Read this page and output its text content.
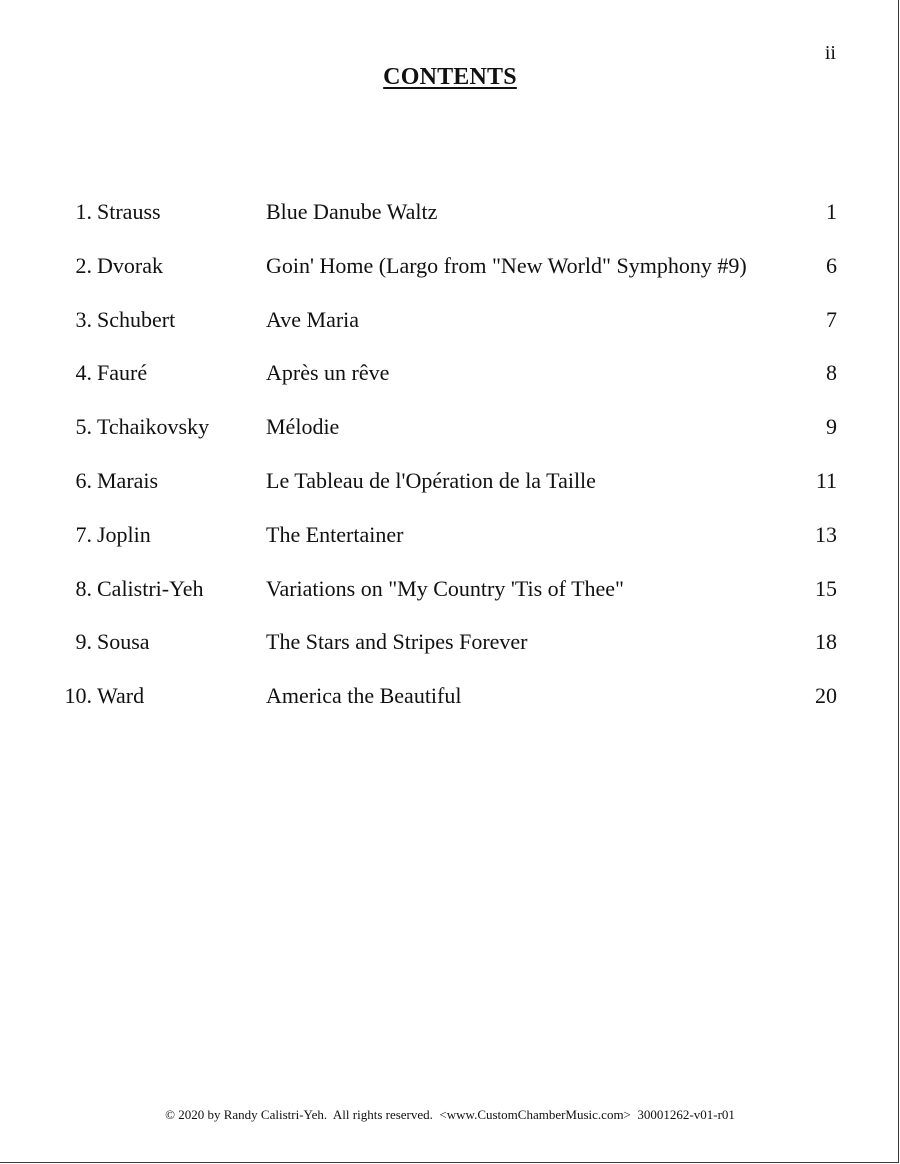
ii
CONTENTS
1. Strauss	Blue Danube Waltz	1
2. Dvorak	Goin' Home (Largo from "New World" Symphony #9)	6
3. Schubert	Ave Maria	7
4. Fauré	Après un rêve	8
5. Tchaikovsky	Mélodie	9
6. Marais	Le Tableau de l'Opération de la Taille	11
7. Joplin	The Entertainer	13
8. Calistri-Yeh	Variations on "My Country 'Tis of Thee"	15
9. Sousa	The Stars and Stripes Forever	18
10. Ward	America the Beautiful	20
© 2020 by Randy Calistri-Yeh.  All rights reserved. <www.CustomChamberMusic.com> 30001262-v01-r01
